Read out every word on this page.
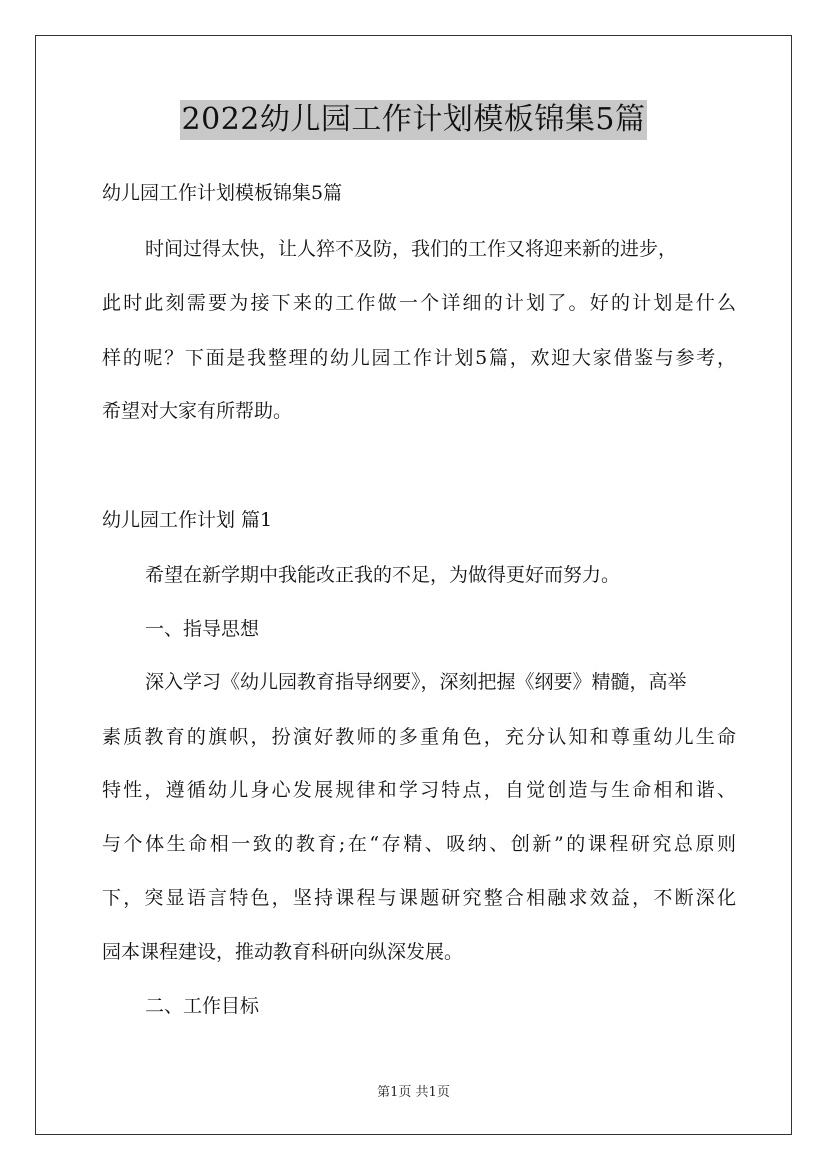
2022幼儿园工作计划模板锦集5篇
幼儿园工作计划模板锦集5篇
时间过得太快，让人猝不及防，我们的工作又将迎来新的进步，
此时此刻需要为接下来的工作做一个详细的计划了。好的计划是什么
样的呢？下面是我整理的幼儿园工作计划5篇，欢迎大家借鉴与参考，
希望对大家有所帮助。
幼儿园工作计划 篇1
希望在新学期中我能改正我的不足，为做得更好而努力。
一、指导思想
深入学习《幼儿园教育指导纲要》，深刻把握《纲要》精髓，高举
素质教育的旗帜，扮演好教师的多重角色，充分认知和尊重幼儿生命
特性，遵循幼儿身心发展规律和学习特点，自觉创造与生命相和谐、
与个体生命相一致的教育;在“存精、吸纳、创新”的课程研究总原则
下，突显语言特色，坚持课程与课题研究整合相融求效益，不断深化
园本课程建设，推动教育科研向纵深发展。
二、工作目标
第1页 共1页
